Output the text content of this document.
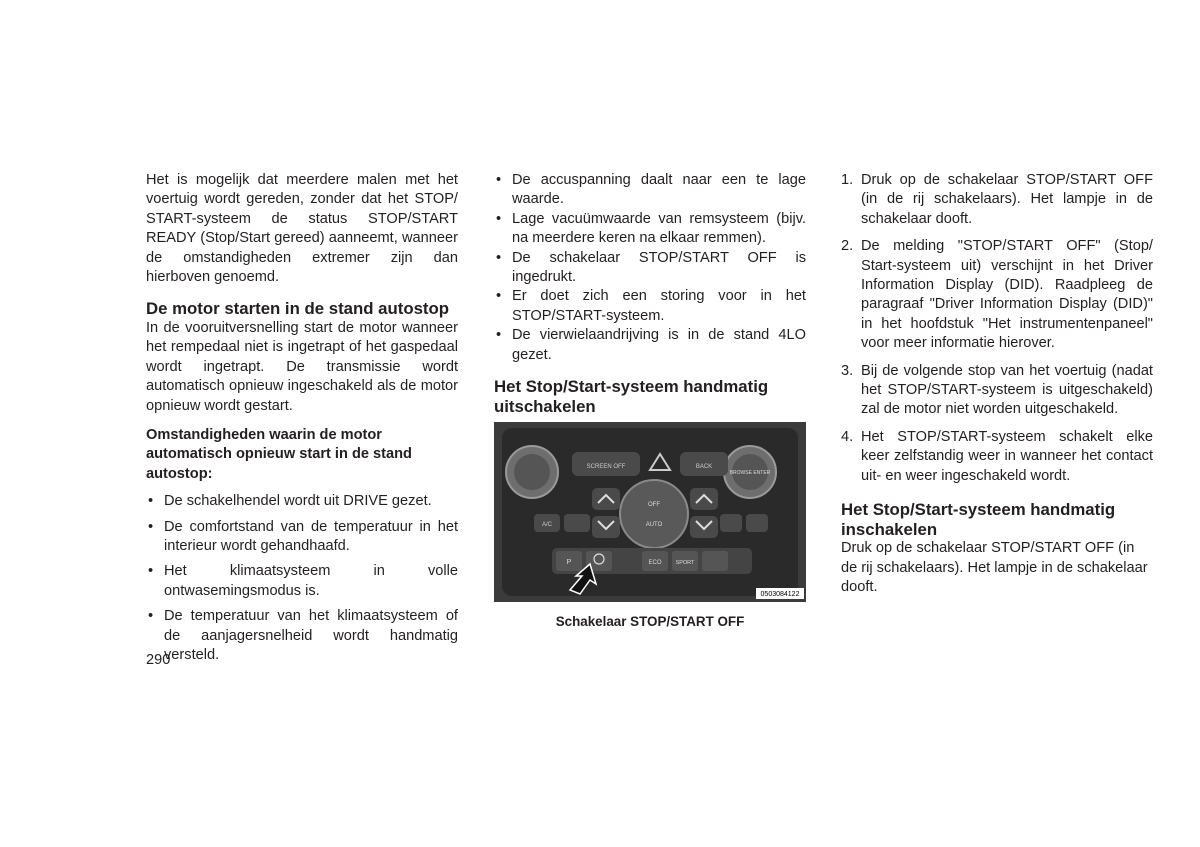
Het is mogelijk dat meerdere malen met het voertuig wordt gereden, zonder dat het STOP/ START-systeem de status STOP/START READY (Stop/Start gereed) aanneemt, wanneer de omstandigheden extremer zijn dan hierboven genoemd.

De motor starten in de stand autostop

In de vooruitversnelling start de motor wanneer het rempedaal niet is ingetrapt of het gaspedaal wordt ingetrapt. De transmissie wordt automatisch opnieuw ingeschakeld als de motor opnieuw wordt gestart.

Omstandigheden waarin de motor automatisch opnieuw start in de stand autostop:
• De schakelhendel wordt uit DRIVE gezet.
• De comfortstand van de temperatuur in het interieur wordt gehandhaafd.
• Het klimaatsysteem in volle ontwasemingsmodus is.
• De temperatuur van het klimaatsysteem of de aanjagersnelheid wordt handmatig versteld.
• De accuspanning daalt naar een te lage waarde.
• Lage vacuümwaarde van remsysteem (bijv. na meerdere keren na elkaar remmen).
• De schakelaar STOP/START OFF is ingedrukt.
• Er doet zich een storing voor in het STOP/START-systeem.
• De vierwielaandrijving is in de stand 4LO gezet.
Het Stop/Start-systeem handmatig uitschakelen
SCREEN OFF	BACK
BROWSE ENTER
OFF
AUTO
A/C
P	ECO	SPORT
0503084122
Schakelaar STOP/START OFF
1. Druk op de schakelaar STOP/START OFF (in de rij schakelaars). Het lampje in de schakelaar dooft.
2. De melding "STOP/START OFF" (Stop/ Start-systeem uit) verschijnt in het Driver Information Display (DID). Raadpleeg de paragraaf "Driver Information Display (DID)" in het hoofdstuk "Het instrumentenpaneel" voor meer informatie hierover.
3. Bij de volgende stop van het voertuig (nadat het STOP/START-systeem is uitgeschakeld) zal de motor niet worden uitgeschakeld.
4. Het STOP/START-systeem schakelt elke keer zelfstandig weer in wanneer het contact uit- en weer ingeschakeld wordt.
Het Stop/Start-systeem handmatig inschakelen

Druk op de schakelaar STOP/START OFF (in de rij schakelaars). Het lampje in de schakelaar dooft.

290
